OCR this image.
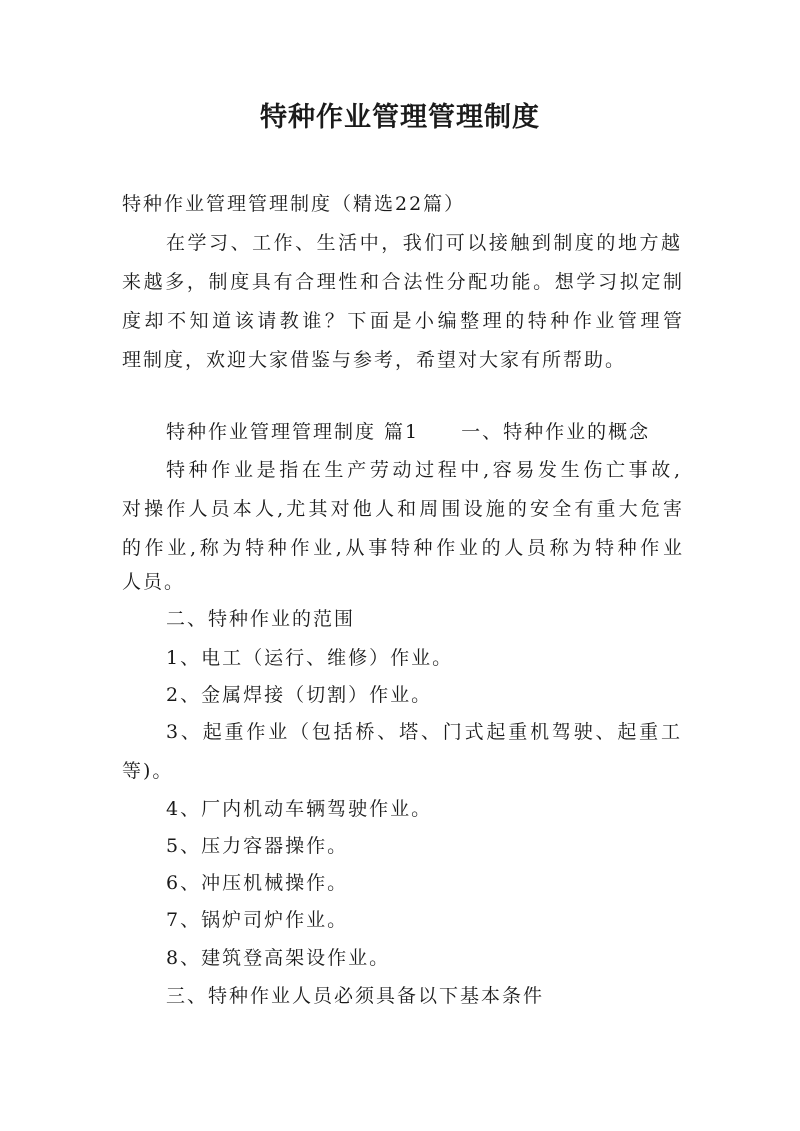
特种作业管理管理制度
特种作业管理管理制度（精选22篇）
在学习、工作、生活中，我们可以接触到制度的地方越
来越多，制度具有合理性和合法性分配功能。想学习拟定制
度却不知道该请教谁？下面是小编整理的特种作业管理管
理制度，欢迎大家借鉴与参考，希望对大家有所帮助。
特种作业管理管理制度 篇1　　一、特种作业的概念
特种作业是指在生产劳动过程中,容易发生伤亡事故,
对操作人员本人,尤其对他人和周围设施的安全有重大危害
的作业,称为特种作业,从事特种作业的人员称为特种作业
人员。
二、特种作业的范围
1、电工（运行、维修）作业。
2、金属焊接（切割）作业。
3、起重作业（包括桥、塔、门式起重机驾驶、起重工
等)。
4、厂内机动车辆驾驶作业。
5、压力容器操作。
6、冲压机械操作。
7、锅炉司炉作业。
8、建筑登高架设作业。
三、特种作业人员必须具备以下基本条件
